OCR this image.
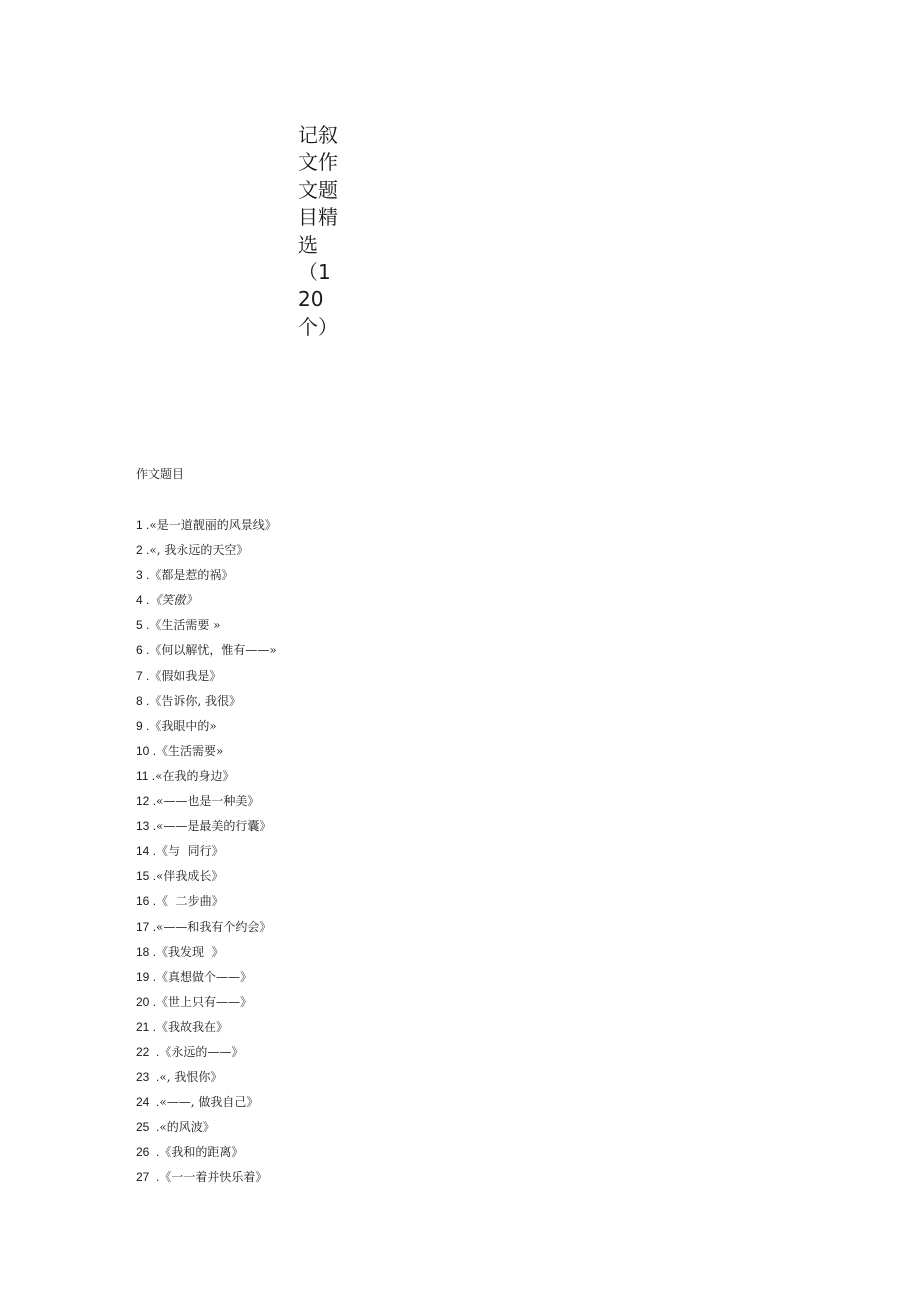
记叙文作文题目精选（120个）

作文题目

1 .«是一道靓丽的风景线》
2 .«, 我永远的天空》
3 .《都是惹的祸》
4 .《笑傲》
5 .《生活需要 »
6 .《何以解忧，惟有——»
7 .《假如我是》
8 .《告诉你, 我很》
9 .《我眼中的»
10 .《生活需要»
11 .«在我的身边》
12 .«——也是一种美》
13 .«——是最美的行囊》
14 .《与  同行》
15 .«伴我成长》
16 .《  二步曲》
17 .«——和我有个约会》
18 .《我发现  》
19 .《真想做个——》
20 .《世上只有——》
21 .《我故我在》
22  .《永远的——》
23  .«, 我恨你》
24  .«——, 做我自己》
25  .«的风波》
26  .《我和的距离》
27  .《一一着并快乐着》
